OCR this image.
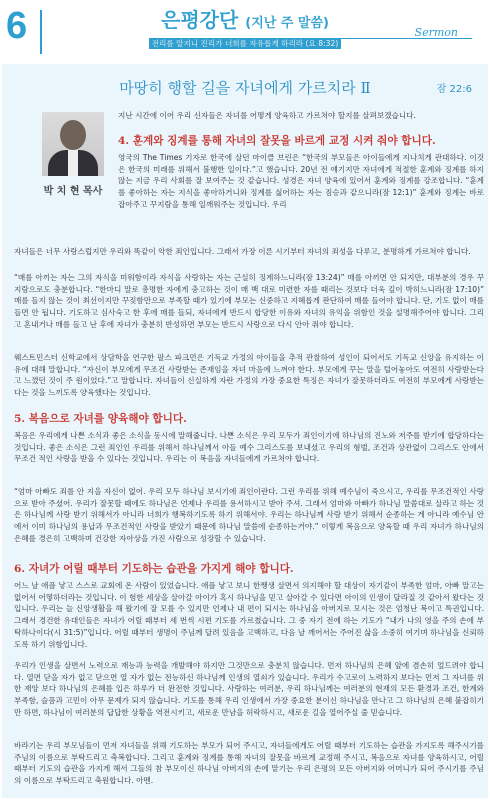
6	은평강단 (지난 주 말씀)
전리를 알지니 진리가 너희를 자유롭게 하리라 (요 8:32)
Sermon
마땅히 행할 길을 자녀에게 가르치라 Ⅱ	잠 22:6
박 치 현 목사
지난 시간에 이어 우리 신자들은 자녀를 어떻게 양육하고 가르쳐야 할지를 살펴보겠습니다.
4. 훈계와 징계를 통해 자녀의 잘못을 바르게 교정 시켜 줘야 합니다.
영국의 The Times 기자로 한국에 살던 마이클 브린은 “한국의 부모들은 아이들에게 지나치게 관대하다. 이것은 한국의 미래를 위해서 불행한 일이다.”고 했습니다. 20년 전 얘기지만 자녀에게 적절한 훈계와 징계를 하지 않는 지금 우리 사회를 잘 보여주는 것 같습니다. 성경은 자녀 양육에 있어서 훈계와 징계를 강조합니다. “훈계를 좋아하는 자는 지식을 좋아하거니와 징계를 싫어하는 자는 짐승과 같으니라(잠 12:1)” 훈계와 징계는 바로 잡아주고 꾸지람을 통해 일깨워주는 것입니다. 우리
자녀들은 너무 사랑스럽지만 우리와 똑같이 악한 죄인입니다. 그래서 가장 이른 시기부터 자녀의 죄성을 다루고, 분명하게 가르쳐야 합니다.
“매를 아끼는 자는 그의 자식을 미워함이라 자식을 사랑하는 자는 근실히 징계하느니라(잠 13:24)” 매를 아끼면 안 되지만, 대부분의 경우 꾸지람으로도 충분합니다. “한마디 말로 총명한 자에게 충고하는 것이 매 백 대로 미련한 자를 때리는 것보다 더욱 깊이 박히느니라(잠 17:10)” 매를 들지 않는 것이 최선이지만 꾸짖함만으로 부족할 때가 있기에 부모는 신중하고 지혜롭게 판단하여 매를 들어야 합니다. 단, 기도 없이 매를 들면 안 됩니다. 기도하고 심사숙고 한 후에 매를 들되, 자녀에게 반드시 합당한 이유와 자녀의 유익을 위함인 것을 설명해주어야 합니다. 그리고 혼내거나 매를 들고 난 후에 자녀가 충분히 반성하면 부모는 반드시 사랑으로 다시 안아 줘야 합니다.
웨스트민스터 신학교에서 상담학을 연구한 팔스 파크먼은 기독교 가정의 아이들을 추적 관찰하여 성인이 되어서도 기독교 신앙을 유지하는 이유에 대해 말합니다. “자신이 부모에게 무조건 사랑받는 존재임을 자녀 마음에 느껴야 한다. 부모에게 꾸는 말을 털어놓아도 여전히 사랑받는다고 느꼈던 것이 주 원이었다.”고 말합니다. 자녀들이 신실하게 자란 가정의 가장 중요한 특징은 자녀가 잘못하더라도 여전히 부모에게 사랑받는 다는 것을 느끼도록 양육했다는 것입니다.
5. 복음으로 자녀를 양육해야 합니다.
복음은 우리에게 나쁜 소식과 좋은 소식을 동시에 말해줍니다. 나쁜 소식은 우리 모두가 죄인이기에 하나님의 진노와 저주를 받기에 합당하다는 것입니다. 좋은 소식은 그런 죄인인 우리를 위해서 하나님께서 아들 예수 그리스도를 보내셨고 우리의 형벌, 조건과 상관없이 그리스도 안에서 무조건 적인 사랑을 받을 수 있다는 것입니다. 우리는 이 복음을 자녀들에게 가르쳐야 합니다.
“엄마 아빠도 죄를 안 지을 자신이 없어. 우리 모두 하나님 보시기에 죄인이란다. 그런 우리를 위해 예수님이 죽으시고, 우리를 무조건적인 사랑으로 받아 주셨어. 우리가 잘못할 때에도 하나님은 언제나 우리를 용서하시고 받아 주셔. 그래서 엄마와 아빠가 하나님 말씀대로 살라고 하는 것은 하나님께 사랑 받기 위해서가 아니라 너희가 행복하기도록 하기 위해서야. 우리는 하나님께 사랑 받기 위해서 순종하는 게 아니라 예수님 안에서 이미 하나님의 용납과 무조건적인 사랑을 받았기 때문에 하나님 말씀에 순종하는거야.” 이렇게 복음으로 양육할 때 우리 자녀가 하나님의 은혜를 경은히 고백하며 건강한 자아상을 가진 사람으로 성장할 수 있습니다.
6. 자녀가 어릴 때부터 기도하는 습관을 가지게 해야 합니다.
어느 날 애플 낳고 스스로 교회에 온 사람이 있었습니다. 애플 낳고 보니 한쨍생 살면서 의지해야 할 대상이 자기같이 부족한 엄마, 아빠 말고는 없어서 어떻하더라는 것입니다. 이 험한 세상을 살아갈 아이가 혹시 하나님을 믿고 살아갈 수 있다면 아이의 인생이 달라질 것 같아서 왔다는 것입니다. 우리는 늘 신앙생활을 해 왔기에 잘 모를 수 있지만 언제나 내 편이 되시는 하나님을 아버지로 모시는 것은 엄청난 복이고 특권입니다. 그래서 경건한 유대인들은 자녀가 어릴 때부터 세 번씩 시편 기도를 가르쳤습니다. 그 중 자기 전에 하는 기도가 “내가 나의 영을 주의 손에 부탁하나이다(시 31:5)”입니다. 어릴 때부터 생명이 주님께 달려 있음을 고백하고, 다음 날 깨어서는 주어진 삶을 소중히 여기며 하나님을 신뢰하도록 하기 위함입니다.
우리가 인생을 살면서 노력으로 재능과 능력을 개발해야 하지만 그것만으로 충분치 않습니다. 먼저 하나님의 은혜 앞에 겸손히 엎드려야 합니다. 열면 닫을 자가 없고 닫으면 열 자가 없는 전능하신 하나님께 인생의 열쇠가 있습니다. 우리가 수고로이 노력하지 보다는 먼저 그 자녀를 위한 재앙 보다 하나님의 은혜를 입은 하루가 더 완전한 것입니다. 사랑하는 여러분, 우리 하나님께는 여러분의 현재의 모든 환경과 조건, 한계와 부족함, 슬픔과 고민이 아무 문제가 되지 않습니다. 기도를 통해 우리 인생에서 가장 중요한 분이신 하나님을 만나고 그 하나님의 은혜 붙잡히기만 하면, 하나님이 여러분의 답답한 상황을 역전시키고, 새로운 만남을 허락하시고, 새로운 길을 열어주실 줄 믿습니다.
바라기는 우리 부모님들이 먼저 자녀들을 위해 기도하는 부모가 되어 주시고, 자녀들에게도 어릴 때부터 기도하는 습관을 가지도록 해주시기를 주님의 이름으로 부탁드리고 축복합니다. 그리고 훈계와 징계를 통해 자녀의 잘못을 바르게 교정해 주시고, 복음으로 자녀를 양육하시고, 어릴 때부터 기도의 습관을 가지게 해서 그들의 참 부모이신 하나님 아버지의 손에 맡기는 우리 은평의 모든 아버지와 어머니가 되어 주시기를 주님의 이름으로 부탁드리고 축원합니다. 아멘.
